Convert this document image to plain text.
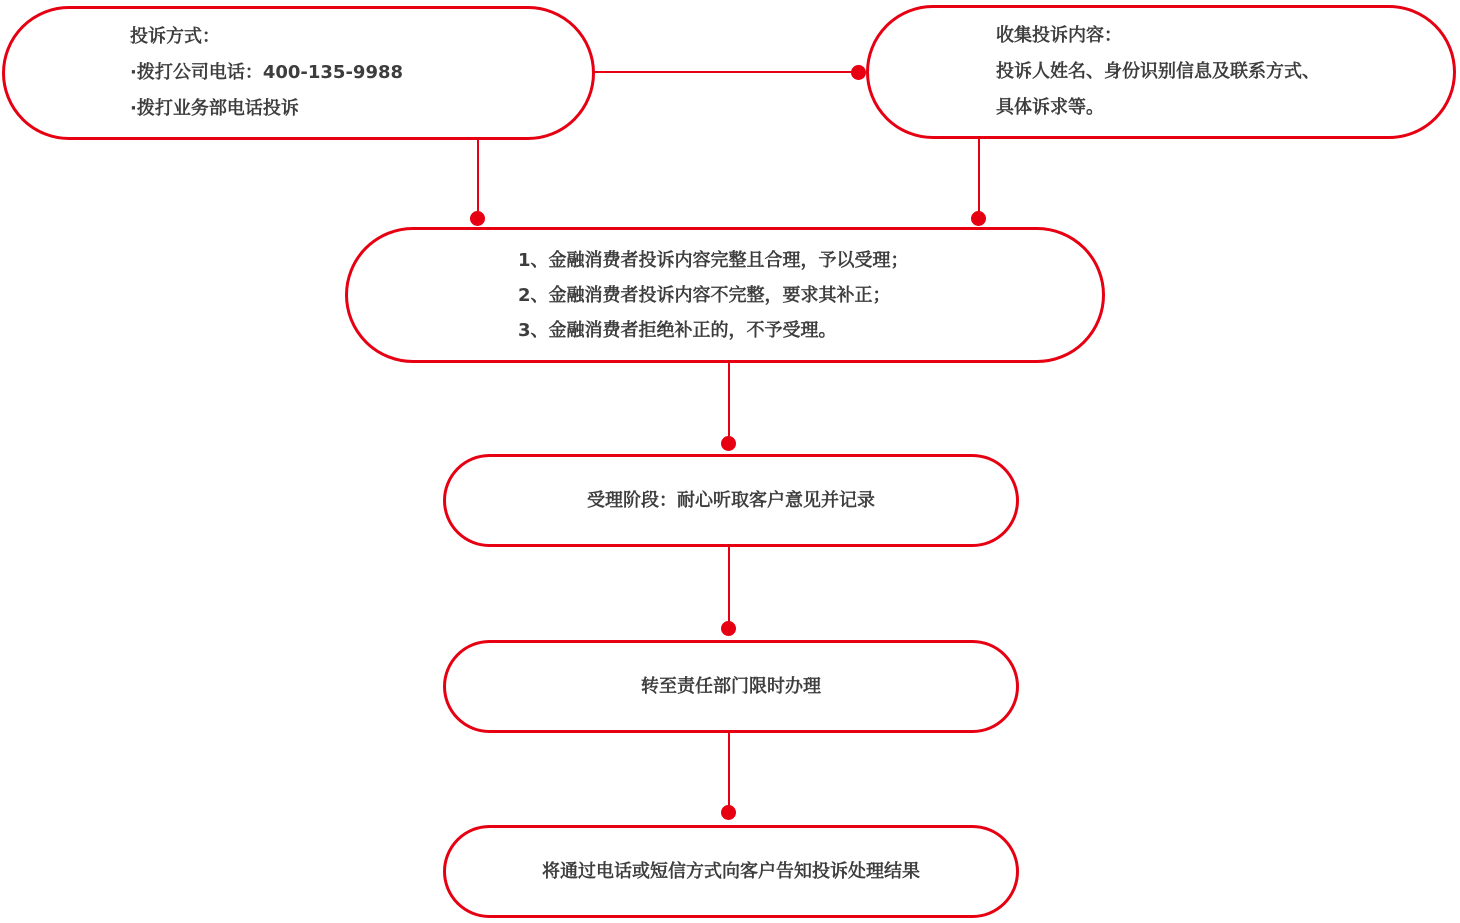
投诉方式：
·拨打公司电话：400-135-9988
·拨打业务部电话投诉
收集投诉内容：
投诉人姓名、身份识别信息及联系方式、
具体诉求等。
1、金融消费者投诉内容完整且合理，予以受理；
2、金融消费者投诉内容不完整，要求其补正；
3、金融消费者拒绝补正的，不予受理。
受理阶段：耐心听取客户意见并记录
转至责任部门限时办理
将通过电话或短信方式向客户告知投诉处理结果
